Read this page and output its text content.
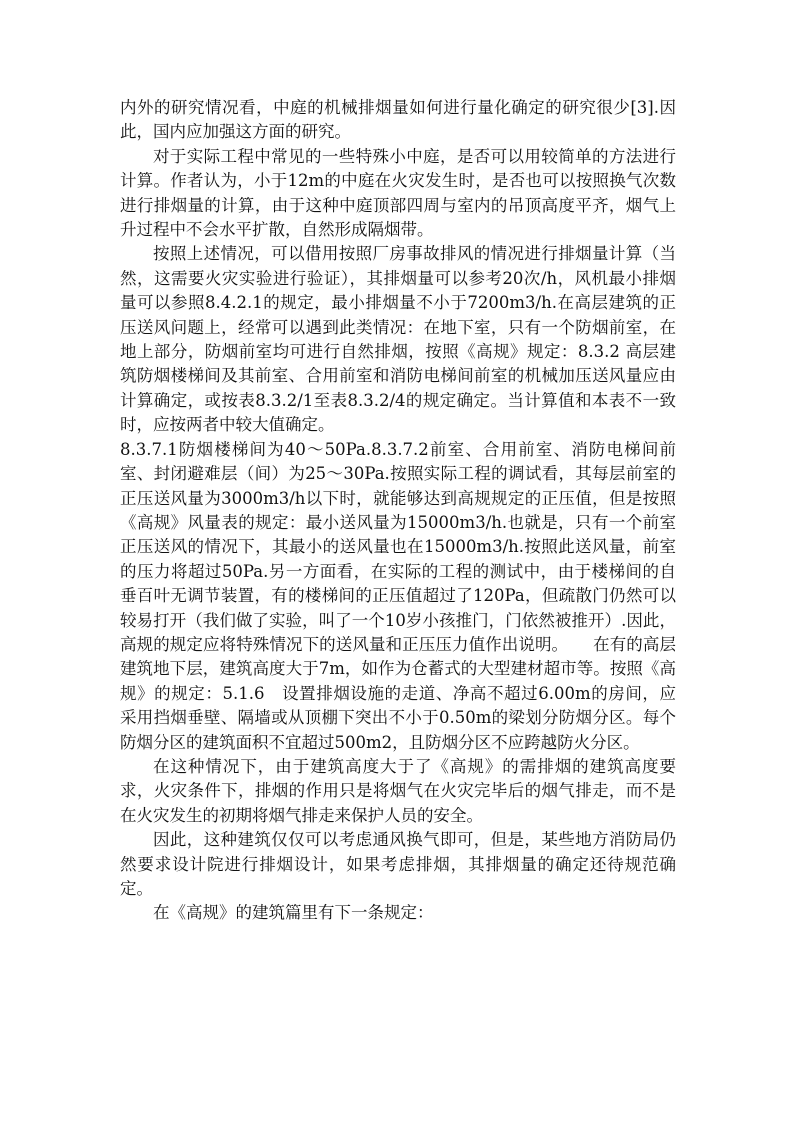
内外的研究情况看，中庭的机械排烟量如何进行量化确定的研究很少[3].因此，国内应加强这方面的研究。

对于实际工程中常见的一些特殊小中庭，是否可以用较简单的方法进行计算。作者认为，小于12m的中庭在火灾发生时，是否也可以按照换气次数进行排烟量的计算，由于这种中庭顶部四周与室内的吊顶高度平齐，烟气上升过程中不会水平扩散，自然形成隔烟带。

按照上述情况，可以借用按照厂房事故排风的情况进行排烟量计算（当然，这需要火灾实验进行验证），其排烟量可以参考20次/h，风机最小排烟量可以参照8.4.2.1的规定，最小排烟量不小于7200m3/h.在高层建筑的正压送风问题上，经常可以遇到此类情况：在地下室，只有一个防烟前室，在地上部分，防烟前室均可进行自然排烟，按照《高规》规定：8.3.2 高层建筑防烟楼梯间及其前室、合用前室和消防电梯间前室的机械加压送风量应由计算确定，或按表8.3.2/1至表8.3.2/4的规定确定。当计算值和本表不一致时，应按两者中较大值确定。

8.3.7.1防烟楼梯间为40～50Pa.8.3.7.2前室、合用前室、消防电梯间前室、封闭避难层（间）为25～30Pa.按照实际工程的调试看，其每层前室的正压送风量为3000m3/h以下时，就能够达到高规规定的正压值，但是按照《高规》风量表的规定：最小送风量为15000m3/h.也就是，只有一个前室正压送风的情况下，其最小的送风量也在15000m3/h.按照此送风量，前室的压力将超过50Pa.另一方面看，在实际的工程的测试中，由于楼梯间的自垂百叶无调节装置，有的楼梯间的正压值超过了120Pa，但疏散门仍然可以较易打开（我们做了实验，叫了一个10岁小孩推门，门依然被推开）.因此，高规的规定应将特殊情况下的送风量和正压压力值作出说明。　　在有的高层建筑地下层，建筑高度大于7m，如作为仓蓄式的大型建材超市等。按照《高规》的规定：5.1.6　设置排烟设施的走道、净高不超过6.00m的房间，应采用挡烟垂壁、隔墙或从顶棚下突出不小于0.50m的梁划分防烟分区。每个防烟分区的建筑面积不宜超过500m2，且防烟分区不应跨越防火分区。

在这种情况下，由于建筑高度大于了《高规》的需排烟的建筑高度要求，火灾条件下，排烟的作用只是将烟气在火灾完毕后的烟气排走，而不是在火灾发生的初期将烟气排走来保护人员的安全。

因此，这种建筑仅仅可以考虑通风换气即可，但是，某些地方消防局仍然要求设计院进行排烟设计，如果考虑排烟，其排烟量的确定还待规范确定。

在《高规》的建筑篇里有下一条规定：
